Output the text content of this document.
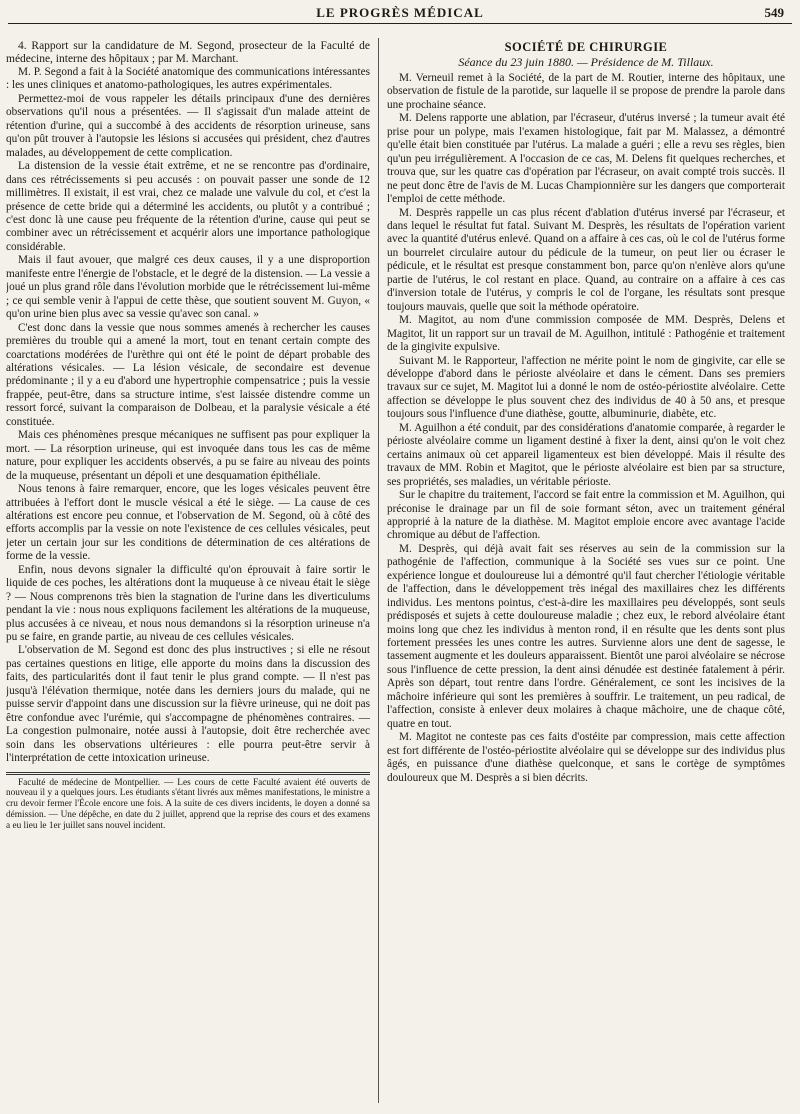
LE PROGRÈS MÉDICAL	549

4. Rapport sur la candidature de M. Segond, prosecteur de la Faculté de médecine, interne des hôpitaux ; par M. Marchant.

M. P. Segond a fait à la Société anatomique des communications intéressantes : les unes cliniques et anatomo-pathologiques, les autres expérimentales.

Permettez-moi de vous rappeler les détails principaux d'une des dernières observations qu'il nous a présentées. — Il s'agissait d'un malade atteint de rétention d'urine, qui a succombé à des accidents de résorption urineuse, sans qu'on pût trouver à l'autopsie les lésions si accusées qui président, chez d'autres malades, au développement de cette complication.

La distension de la vessie était extrême, et ne se rencontre pas d'ordinaire, dans ces rétrécissements si peu accusés : on pouvait passer une sonde de 12 millimètres. Il existait, il est vrai, chez ce malade une valvule du col, et c'est la présence de cette bride qui a déterminé les accidents, ou plutôt y a contribué ; c'est donc là une cause peu fréquente de la rétention d'urine, cause qui peut se combiner avec un rétrécissement et acquérir alors une importance pathologique considérable.

Mais il faut avouer, que malgré ces deux causes, il y a une disproportion manifeste entre l'énergie de l'obstacle, et le degré de la distension. — La vessie a joué un plus grand rôle dans l'évolution morbide que le rétrécissement lui-même ; ce qui semble venir à l'appui de cette thèse, que soutient souvent M. Guyon, « qu'on urine bien plus avec sa vessie qu'avec son canal. »

C'est donc dans la vessie que nous sommes amenés à rechercher les causes premières du trouble qui a amené la mort, tout en tenant certain compte des coarctations modérées de l'urèthre qui ont été le point de départ probable des altérations vésicales. — La lésion vésicale, de secondaire est devenue prédominante ; il y a eu d'abord une hypertrophie compensatrice ; puis la vessie frappée, peut-être, dans sa structure intime, s'est laissée distendre comme un ressort forcé, suivant la comparaison de Dolbeau, et la paralysie vésicale a été constituée.

Mais ces phénomènes presque mécaniques ne suffisent pas pour expliquer la mort. — La résorption urineuse, qui est invoquée dans tous les cas de même nature, pour expliquer les accidents observés, a pu se faire au niveau des points de la muqueuse, présentant un dépoli et une desquamation épithéliale.

Nous tenons à faire remarquer, encore, que les loges vésicales peuvent être attribuées à l'effort dont le muscle vésical a été le siège. — La cause de ces altérations est encore peu connue, et l'observation de M. Segond, où à côté des efforts accomplis par la vessie on note l'existence de ces cellules vésicales, peut jeter un certain jour sur les conditions de détermination de ces altérations de forme de la vessie.

Enfin, nous devons signaler la difficulté qu'on éprouvait à faire sortir le liquide de ces poches, les altérations dont la muqueuse à ce niveau était le siège ? — Nous comprenons très bien la stagnation de l'urine dans les diverticulums pendant la vie : nous nous expliquons facilement les altérations de la muqueuse, plus accusées à ce niveau, et nous nous demandons si la résorption urineuse n'a pu se faire, en grande partie, au niveau de ces cellules vésicales.

L'observation de M. Segond est donc des plus instructives ; si elle ne résout pas certaines questions en litige, elle apporte du moins dans la discussion des faits, des particularités dont il faut tenir le plus grand compte. — Il n'est pas jusqu'à l'élévation thermique, notée dans les derniers jours du malade, qui ne puisse servir d'appoint dans une discussion sur la fièvre urineuse, qui ne doit pas être confondue avec l'urémie, qui s'accompagne de phénomènes contraires. — La congestion pulmonaire, notée aussi à l'autopsie, doit être recherchée avec soin dans les observations ultérieures : elle pourra peut-être servir à l'interprétation de cette intoxication urineuse.

Faculté de médecine de Montpellier. — Les cours de cette Faculté avaient été ouverts de nouveau il y a quelques jours. Les étudiants s'étant livrés aux mêmes manifestations, le ministre a cru devoir fermer l'École encore une fois. A la suite de ces divers incidents, le doyen a donné sa démission. — Une dépêche, en date du 2 juillet, apprend que la reprise des cours et des examens a eu lieu le 1er juillet sans nouvel incident.

SOCIÉTÉ DE CHIRURGIE
Séance du 23 juin 1880. — Présidence de M. Tillaux.

M. Verneuil remet à la Société, de la part de M. Routier, interne des hôpitaux, une observation de fistule de la parotide, sur laquelle il se propose de prendre la parole dans une prochaine séance.

M. Delens rapporte une ablation, par l'écraseur, d'utérus inversé ; la tumeur avait été prise pour un polype, mais l'examen histologique, fait par M. Malassez, a démontré qu'elle était bien constituée par l'utérus. La malade a guéri ; elle a revu ses règles, bien qu'un peu irrégulièrement. A l'occasion de ce cas, M. Delens fit quelques recherches, et trouva que, sur les quatre cas d'opération par l'écraseur, on avait compté trois succès. Il ne peut donc être de l'avis de M. Lucas Championnière sur les dangers que comporterait l'emploi de cette méthode.

M. Desprès rappelle un cas plus récent d'ablation d'utérus inversé par l'écraseur, et dans lequel le résultat fut fatal. Suivant M. Desprès, les résultats de l'opération varient avec la quantité d'utérus enlevé. Quand on a affaire à ces cas, où le col de l'utérus forme un bourrelet circulaire autour du pédicule de la tumeur, on peut lier ou écraser le pédicule, et le résultat est presque constamment bon, parce qu'on n'enlève alors qu'une partie de l'utérus, le col restant en place. Quand, au contraire on a affaire à ces cas d'inversion totale de l'utérus, y compris le col de l'organe, les résultats sont presque toujours mauvais, quelle que soit la méthode opératoire.

M. Magitot, au nom d'une commission composée de MM. Desprès, Delens et Magitot, lit un rapport sur un travail de M. Aguilhon, intitulé : Pathogénie et traitement de la gingivite expulsive.

Suivant M. le Rapporteur, l'affection ne mérite point le nom de gingivite, car elle se développe d'abord dans le périoste alvéolaire et dans le cément. Dans ses premiers travaux sur ce sujet, M. Magitot lui a donné le nom de ostéo-périostite alvéolaire. Cette affection se développe le plus souvent chez des individus de 40 à 50 ans, et presque toujours sous l'influence d'une diathèse, goutte, albuminurie, diabète, etc.

M. Aguilhon a été conduit, par des considérations d'anatomie comparée, à regarder le périoste alvéolaire comme un ligament destiné à fixer la dent, ainsi qu'on le voit chez certains animaux où cet appareil ligamenteux est bien développé. Mais il résulte des travaux de MM. Robin et Magitot, que le périoste alvéolaire est bien par sa structure, ses propriétés, ses maladies, un véritable périoste.

Sur le chapitre du traitement, l'accord se fait entre la commission et M. Aguilhon, qui préconise le drainage par un fil de soie formant séton, avec un traitement général approprié à la nature de la diathèse. M. Magitot emploie encore avec avantage l'acide chromique au début de l'affection.

M. Desprès, qui déjà avait fait ses réserves au sein de la commission sur la pathogénie de l'affection, communique à la Société ses vues sur ce point. Une expérience longue et douloureuse lui a démontré qu'il faut chercher l'étiologie véritable de l'affection, dans le développement très inégal des maxillaires chez les différents individus. Les mentons pointus, c'est-à-dire les maxillaires peu développés, sont seuls prédisposés et sujets à cette douloureuse maladie ; chez eux, le rebord alvéolaire étant moins long que chez les individus à menton rond, il en résulte que les dents sont plus fortement pressées les unes contre les autres. Survienne alors une dent de sagesse, le tassement augmente et les douleurs apparaissent. Bientôt une paroi alvéolaire se nécrose sous l'influence de cette pression, la dent ainsi dénudée est destinée fatalement à périr. Après son départ, tout rentre dans l'ordre. Généralement, ce sont les incisives de la mâchoire inférieure qui sont les premières à souffrir. Le traitement, un peu radical, de l'affection, consiste à enlever deux molaires à chaque mâchoire, une de chaque côté, quatre en tout.

M. Magitot ne conteste pas ces faits d'ostéite par compression, mais cette affection est fort différente de l'ostéo-périostite alvéolaire qui se développe sur des individus plus âgés, en puissance d'une diathèse quelconque, et sans le cortège de symptômes douloureux que M. Desprès a si bien décrits.
